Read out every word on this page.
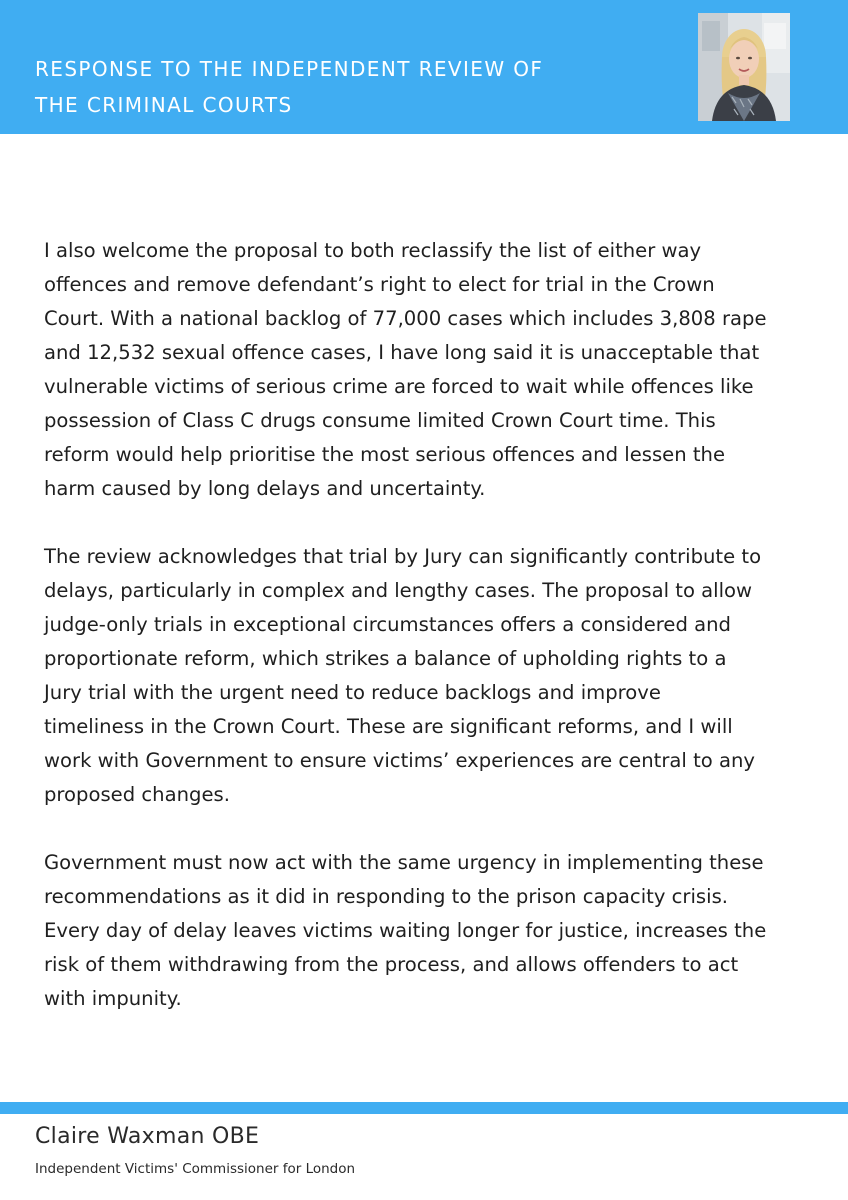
RESPONSE TO THE INDEPENDENT REVIEW OF
THE CRIMINAL COURTS

I also welcome the proposal to both reclassify the list of either way
offences and remove defendant’s right to elect for trial in the Crown
Court. With a national backlog of 77,000 cases which includes 3,808 rape
and 12,532 sexual offence cases, I have long said it is unacceptable that
vulnerable victims of serious crime are forced to wait while offences like
possession of Class C drugs consume limited Crown Court time. This
reform would help prioritise the most serious offences and lessen the
harm caused by long delays and uncertainty.

The review acknowledges that trial by Jury can significantly contribute to
delays, particularly in complex and lengthy cases. The proposal to allow
judge-only trials in exceptional circumstances offers a considered and
proportionate reform, which strikes a balance of upholding rights to a
Jury trial with the urgent need to reduce backlogs and improve
timeliness in the Crown Court. These are significant reforms, and I will
work with Government to ensure victims’ experiences are central to any
proposed changes.

Government must now act with the same urgency in implementing these
recommendations as it did in responding to the prison capacity crisis.
Every day of delay leaves victims waiting longer for justice, increases the
risk of them withdrawing from the process, and allows offenders to act
with impunity.

Claire Waxman OBE

Independent Victims' Commissioner for London
